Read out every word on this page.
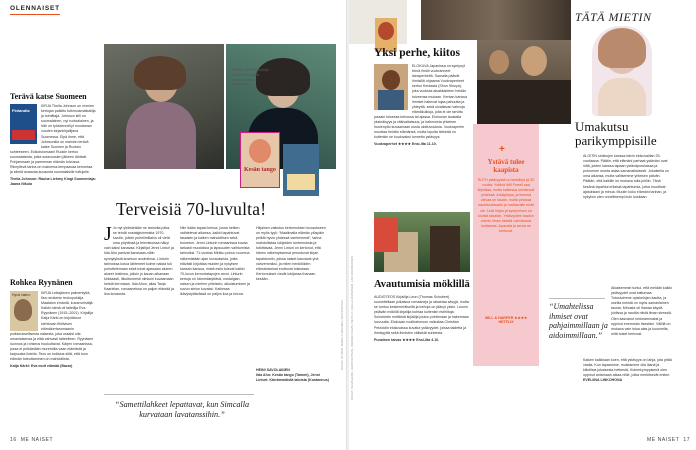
OLENNAISET
Terävä katse Suomeen
Finlandia
KIRJA Thelia Johnson on monien kertojan palkittu tutkimusmatkailija ja toimittaja. Johnson kiili on suomalainen, nyt ruotsalainen, ja häh on työskennellyt muutaman vuoden kirjankirjailijana Suomessa. Eipä ihme, että Johnsonilla on mainion terävä katse Suomen ja Ruotsin suhteeseen. Esikoisromaani Ruokle kertoo suomalaisista, jotka sotavuosien jälkeen lähtivät Pohjanmaan ja paremman elämän toivossa. Riimyilevä tarina on mainema-tempaavaa kerrontaa ja silmiä avaavaa kuvausta suomalaisille tuttujolle.
Thelia Johnson: Rauha Liehmy Kingt Suomentaja: Jaana Nikula
Rohkea Ryynänen
KIRJA Lettajärven palmentyttä, Ilsa neulomin teokopokkija. Maatalon emäntä, kuvanveistäjä. Kaikki nämä oli taiteilija Eva Ryynänen (1915–2001). Kirjailija Katja Kärki on kirjoittanut kiehtovan fiktiivisen elämäkertaromaanin poikkeuksellisesta naisesta, joka uskalsi olla omanlaisensa ja elää vahvasti taiteelleen. Ryynäsen luonnos ja rohkeus houkuttavat. Kärjen romaanissa, jossa ei pelkästään murehdita vaan elämästä ja kaipuusta ilotella. Teos on todistus siitä, että tuon elämän toteuttaminen on mahdollista.
Katja Kärki: Eva mult elämää (Bazar)
Hyvä vaimo
JENNI LINTURI kirjailija toivoo, että lukijat nauravat kirjaa lukiessaan.
Kesän tango
KUVAT: STUDIO, MARIA TURUNEN / KUSTANTAJA
Terveisiä 70-luvulta!
J Jo nyt yhdistetään ne tarinoita jotka, ne tehdä nostalgisimmista 1970-luvulle, jolloin puhelimillakin oli vielä oma pöytänsä ja televisioissa näkyi vain kaksi kanavaa. Kirjailijat Jenni Linturi ja Iida Aho panivat kanssaan-välin synnytyksiä kusekun avoimiinsa. Linturin tarinoissa kotoa lähteneet kolme naista tuli puhuttelemaan sekä tuhat ajassaan alueen alueet toisiinsa, jolloin jo kauan aikanaan kirkkaasti, liikuttuneesti niinkuin kuvaamaan heistä kerrotaan. Iida Ahon, alias Tanja Kaarlelan, romaaneissa on paljon elämää ja iloa kuvausta.
Niin ikään tapasi kertoa, jossa hetken vaihtelevat aikansa, kaikki tapahtuvat tasaisen ja kaiken mahdollisen sekä tunnetun. Jenni Linturin romaanissa kuvaa tarkasti muutoksia ja lapsuuden vaihtumista tarinoiksi. 71-vuotias Mirkku puhuu nuorena näkemistään ajan kuvauksista, jotka elävästi kirjoittaa muiden ja nykyisen kansan kanssa, mistä esiin tulevat kaikki 70-luvun kerrontatapojen arvot. Linturin kertoja on hämmästyttävä, nostalgian, naisen ja miehen yhteiselo, aikuistumisen ja suvun sielun kuvaksi. Kaikessa ikävystyttävässä on paljon iloa ja toivoa.
Hiljainen vaikutus kertomuksen kuvaukseen on myös tyyli: “Maailmalla elämän ylöspäin pelkät hyvin yhdessä vanhemmat”, tarina mahdollistaa lukijoiden tuntemuksia ja tutkittavaa. Jenni Linturi on kertonut, että hänen näkemyksensä perustuvat kirjan tapahtumiin, joissa naiset kasvavat yhä vahvemmiksi, ja miten henkilöiden elämäntarinat erottuvat toisistaan. Kertomukset vievät lukijansa ihanaan kesään.
HEINI SAVOLAINEN
Iida Aho: Kesän tango (Tammi), Jenni Linturi: Kärrämmäistä taloista (Kustannus)
“Samettilahkeet lepattavat, kun Simcalla kurvataan lavatanssihin.”
16 ME NAISET
Yksi perhe, kiitos
ELOKUVA Japanissa on syntynyt törnä ilmiöt vuokranneet lainaperheitä. Samalla päävät ihmisillä ohjaama Vuokraperheet kertoo Kentasta (Shun Shioya), joka vuokraa aisakkaideen heidän toiveensa mukaan. Kentan kanssa ihmiset hakevat lujaa pahuutta ja yhteyttä, sekä oivaltavan vahvoja elämäkulkuja, joita ei ole tarvittu jossain toisessa kehossa tai ajassa. Elokuvan taustalla yksinäisyys ja väkivaltaisuus, ja hahmoista yhteinen huolenpito kuvaamaan uusia ulottuvuuksia. Vuokraperhe muuttaa heidän elämänsä, mutta lopulta tärkeää on kuitenkin se kuuluvaksi tunnettu ystävyys.
Vuokraperhet ★★★★ Ensi-ilta 11.10.	+
Ystävä tulee kaapista
RUTH ystävyystä on kestänyt yli 30 vuotta. Ystävä Will Ferrell saa kirjoittaa, mutta kaikessa onnistuvat yhdessä. Arkkipiispa, ja itsensä vaivaa on kauan, mutta pelossa kauhistuttavalle ja mahtavalle eivät ole. Uusi kirjan ja syntyminen on kivasti takaisin. Ystävyyden laadun voimin ilman esteitä vahvistavat luottamus, lupausta ja arvoa ne kertovat.
WILL & HARPER ★★★★ NETFLIX
Avautumisia möklillä
AUDIOTEOS Kirjailija Leon (Thomas Schubert) suunnitellaan julkaisua romaaneja ja rakastaa sävyjä, mutta se tuntuu keskeneräiseltä ja kertoja on jäänyt yksin. Leonin ystävän mökillä kirjailija kohtaa kuitenkin ristiriitoja: Schubertin esittämä kirjailija joutuu pohtimaan ja hakemaan luovuutta. Elokuvan roolihahmoon vaikuttaa Christian Petzoldin elokuvassa kuvatut ystävyydet, joissa taidetta ja ihmisyyttä sekä ihmisten välisistä suhteista.
Punainen taivas ★★★★ Ensi-ilta 4.10.
TÄTÄ MIETIN
Umakutsu parikymppisille
ALOITIN sinkkujen kanssa kävin elokuvaillan 25-vuotiaana. Päätin, että elämäni parhaat ystäväni ovat niitä, joiden kanssa tapaan ystäväporukassa ja puhumme monta asiaa samanaikaisesti. Jokaisella on oma aikansa, mutta valitsemme yhteisen päivän. Päätän, että kaikille on mukava tulla juhliin. Tänä kesänä tapahtui erilaisia tapahtumia, jotka muuttivat ajatuksiani ja minua. Muutin koko elämäni tarinan, ja nykyisin olen onnellisempi kuin koskaan.
Aikaisemmin tuntui, että meidän kaikki ystävyydet ovat sattumaa. Tutustuimme opiskelujen kautta, ja useilla meistä on myös samanlainen tausta. Minusta oli ihanaa käydä juhlissa ja nauttia niistä ilman stressiä. Olen kasvanut rohkeammaksi ja oppinut enemmän itsestäni. Välillä on mukava vain istua alas ja kuunnella, mitä toiset kertovat.
Kaiken kaikkiaan koen, että ystävyys on lahja, jota pitää vaalia. Kun tapaamme, muistamme olla läsnä ja kiitollisia jokaisesta hetkestä. Kolmekymppisenä olen oppinut antamaan aikaa niille, jotka merkitsevät eniten. EVELIINA LINKOHONA
“Umahtelissa ihmiset ovat pahjaimmillaan ja aidoimmillaan.”
KUVAT: FILMSHARK, JENNI KOTKAS, WEIKKO FILMS, NETFLIX, MALLA RÄISÄNEN, LISA KUOKKANEN
ME NAISET 17
